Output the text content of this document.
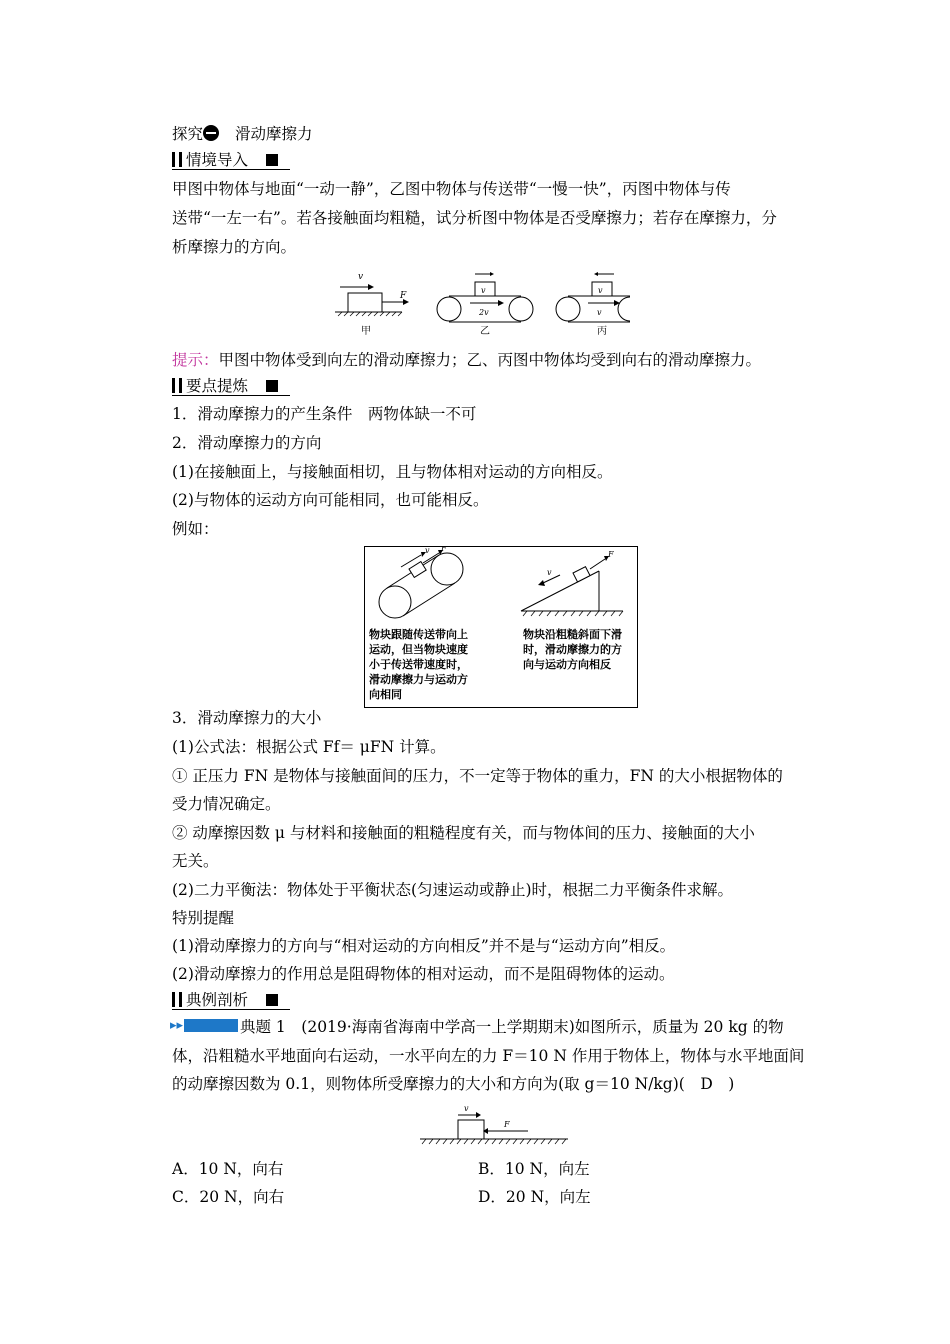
探究 滑动摩擦力
情境导入
甲图中物体与地面“一动一静”，乙图中物体与传送带“一慢一快”，丙图中物体与传
送带“一左一右”。若各接触面均粗糙，试分析图中物体是否受摩擦力；若存在摩擦力，分
析摩擦力的方向。
v
F
甲
v
2v
乙
v
v
丙
提示：甲图中物体受到向左的滑动摩擦力；乙、丙图中物体均受到向右的滑动摩擦力。
要点提炼
1．滑动摩擦力的产生条件　两物体缺一不可
2．滑动摩擦力的方向
(1)在接触面上，与接触面相切，且与物体相对运动的方向相反。
(2)与物体的运动方向可能相同，也可能相反。
例如：
v F
v
F
物块跟随传送带向上运动，但当物块速度小于传送带速度时，滑动摩擦力与运动方向相同
物块沿粗糙斜面下滑时，滑动摩擦力的方向与运动方向相反
3．滑动摩擦力的大小
(1)公式法：根据公式 Ff＝ μFN 计算。
① 正压力 FN 是物体与接触面间的压力，不一定等于物体的重力，FN 的大小根据物体的
受力情况确定。
② 动摩擦因数 μ 与材料和接触面的粗糙程度有关，而与物体间的压力、接触面的大小
无关。
(2)二力平衡法：物体处于平衡状态(匀速运动或静止)时，根据二力平衡条件求解。
特别提醒
(1)滑动摩擦力的方向与“相对运动的方向相反”并不是与“运动方向”相反。
(2)滑动摩擦力的作用总是阻碍物体的相对运动，而不是阻碍物体的运动。
典例剖析
▸▸典题 1　(2019·海南省海南中学高一上学期期末)如图所示，质量为 20 kg 的物
体，沿粗糙水平地面向右运动，一水平向左的力 F＝10 N 作用于物体上，物体与水平地面间
的动摩擦因数为 0.1，则物体所受摩擦力的大小和方向为(取 g＝10 N/kg)(　D　)
v
F
A．10 N，向右	B．10 N，向左
C．20 N，向右	D．20 N，向左
